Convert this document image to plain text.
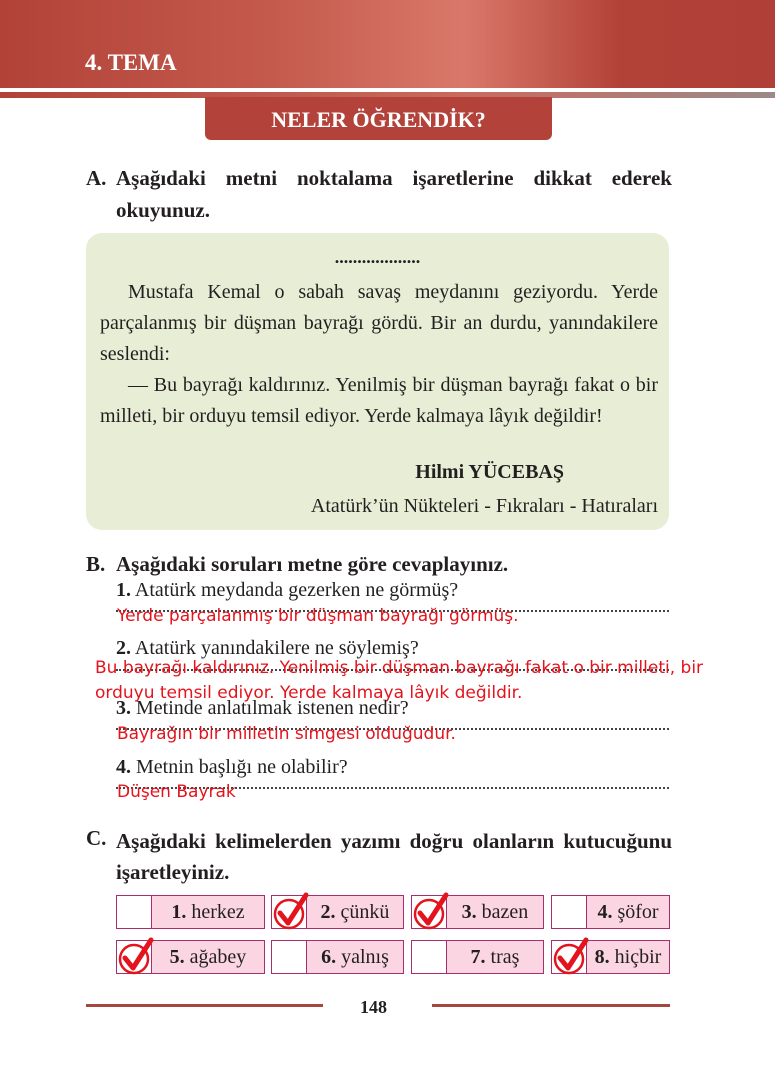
4. TEMA
NELER ÖĞRENDİK?
A. Aşağıdaki metni noktalama işaretlerine dikkat ederek okuyunuz.
...................
Mustafa Kemal o sabah savaş meydanını geziyordu. Yerde parçalanmış bir düşman bayrağı gördü. Bir an durdu, yanındakilere seslendi:
— Bu bayrağı kaldırınız. Yenilmiş bir düşman bayrağı fakat o bir milleti, bir orduyu temsil ediyor. Yerde kalmaya lâyık değildir!
Hilmi YÜCEBAŞ
Atatürk’ün Nükteleri - Fıkraları - Hatıraları
B. Aşağıdaki soruları metne göre cevaplayınız.
1. Atatürk meydanda gezerken ne görmüş?
Yerde parçalanmış bir düşman bayrağı görmüş.
2. Atatürk yanındakilere ne söylemiş?
Bu bayrağı kaldırınız. Yenilmiş bir düşman bayrağı fakat o bir milleti, bir orduyu temsil ediyor. Yerde kalmaya lâyık değildir.
3. Metinde anlatılmak istenen nedir?
Bayrağın bir milletin simgesi olduğudur.
4. Metnin başlığı ne olabilir?
Düşen Bayrak
C. Aşağıdaki kelimelerden yazımı doğru olanların kutucuğunu işaretleyiniz.
1. herkez	2. çünkü	3. bazen	4. şöfor
5. ağabey	6. yalnış	7. traş	8. hiçbir
148
